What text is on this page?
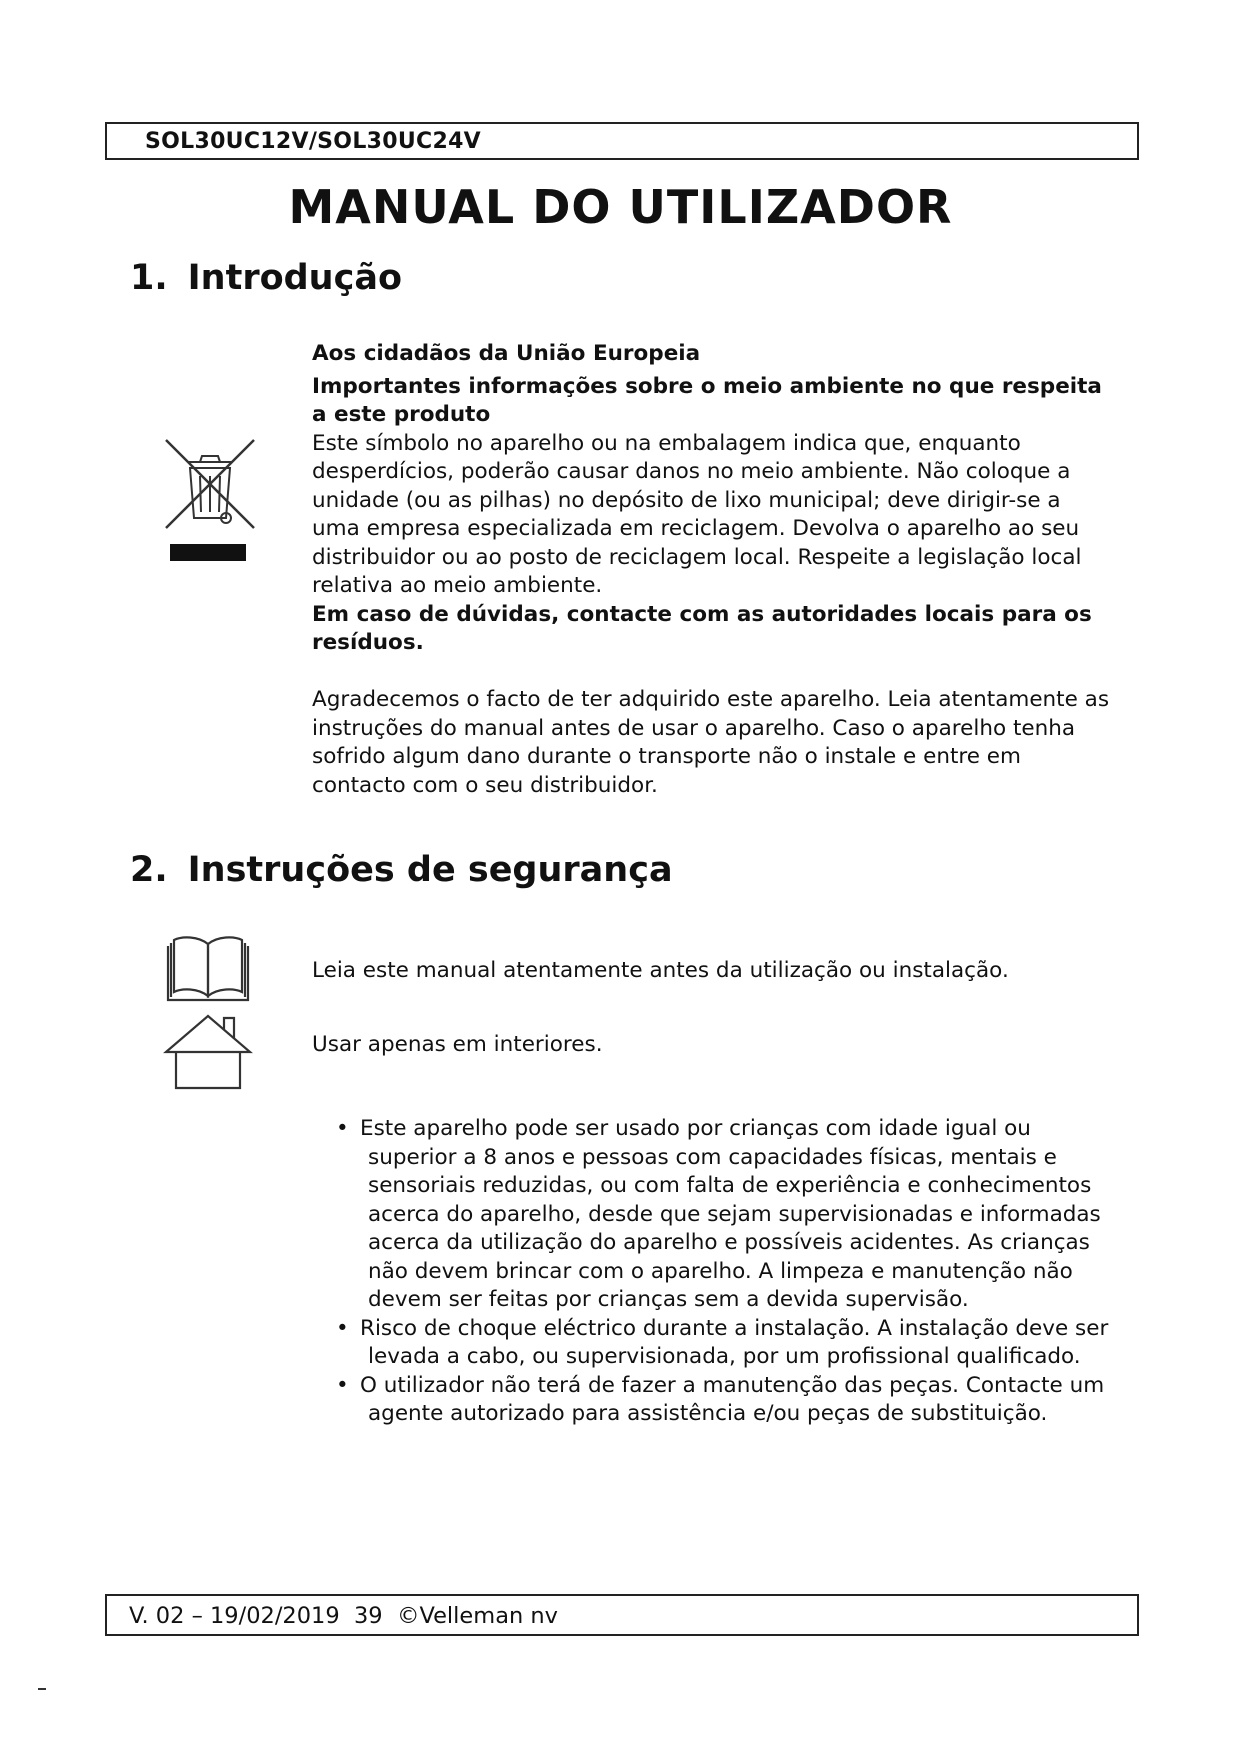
SOL30UC12V/SOL30UC24V
MANUAL DO UTILIZADOR
1. Introdução

Aos cidadãos da União Europeia

Importantes informações sobre o meio ambiente no que respeita a este produto

Este símbolo no aparelho ou na embalagem indica que, enquanto desperdícios, poderão causar danos no meio ambiente. Não coloque a unidade (ou as pilhas) no depósito de lixo municipal; deve dirigir-se a uma empresa especializada em reciclagem. Devolva o aparelho ao seu distribuidor ou ao posto de reciclagem local. Respeite a legislação local relativa ao meio ambiente.

Em caso de dúvidas, contacte com as autoridades locais para os resíduos.

Agradecemos o facto de ter adquirido este aparelho. Leia atentamente as instruções do manual antes de usar o aparelho. Caso o aparelho tenha sofrido algum dano durante o transporte não o instale e entre em contacto com o seu distribuidor.

2. Instruções de segurança

Leia este manual atentamente antes da utilização ou instalação.

Usar apenas em interiores.

• Este aparelho pode ser usado por crianças com idade igual ou superior a 8 anos e pessoas com capacidades físicas, mentais e sensoriais reduzidas, ou com falta de experiência e conhecimentos acerca do aparelho, desde que sejam supervisionadas e informadas acerca da utilização do aparelho e possíveis acidentes. As crianças não devem brincar com o aparelho. A limpeza e manutenção não devem ser feitas por crianças sem a devida supervisão.
• Risco de choque eléctrico durante a instalação. A instalação deve ser levada a cabo, ou supervisionada, por um profissional qualificado.
• O utilizador não terá de fazer a manutenção das peças. Contacte um agente autorizado para assistência e/ou peças de substituição.
V. 02 – 19/02/2019 39 ©Velleman nv
